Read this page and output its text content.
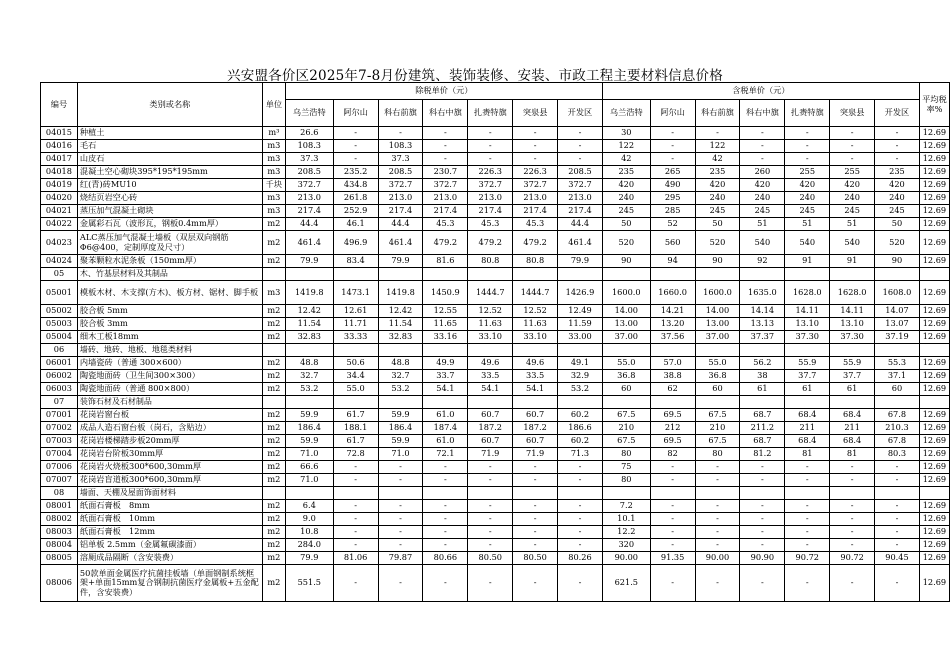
兴安盟各价区2025年7-8月份建筑、装饰装修、安装、市政工程主要材料信息价格
编号	类别或名称	单位	除税单价（元）							含税单价（元）							平均税率%
			乌兰浩特	阿尔山	科右前旗	科右中旗	扎赉特旗	突泉县	开发区	乌兰浩特	阿尔山	科右前旗	科右中旗	扎赉特旗	突泉县	开发区	
04015	种植土	m³	26.6	-	-	-	-	-	-	30	-	-	-	-	-	-	12.69
04016	毛石	m3	108.3	-	108.3	-	-	-	-	122	-	122	-	-	-	-	12.69
04017	山皮石	m3	37.3	-	37.3	-	-	-	-	42	-	42	-	-	-	-	12.69
04018	混凝土空心砌块395*195*195mm	m3	208.5	235.2	208.5	230.7	226.3	226.3	208.5	235	265	235	260	255	255	235	12.69
04019	红(青)砖MU10	千块	372.7	434.8	372.7	372.7	372.7	372.7	372.7	420	490	420	420	420	420	420	12.69
04020	烧结页岩空心砖	m3	213.0	261.8	213.0	213.0	213.0	213.0	213.0	240	295	240	240	240	240	240	12.69
04021	蒸压加气混凝土砌块	m3	217.4	252.9	217.4	217.4	217.4	217.4	217.4	245	285	245	245	245	245	245	12.69
04022	金属彩石瓦（波形瓦，钢板0.4mm厚）	m2	44.4	46.1	44.4	45.3	45.3	45.3	44.4	50	52	50	51	51	51	50	12.69
04023	ALC蒸压加气混凝土墙板（双层双向钢筋Φ6@400，定制厚度及尺寸）	m2	461.4	496.9	461.4	479.2	479.2	479.2	461.4	520	560	520	540	540	540	520	12.69
04024	聚苯颗粒水泥条板（150mm厚）	m2	79.9	83.4	79.9	81.6	80.8	80.8	79.9	90	94	90	92	91	91	90	12.69
05	木、竹基层材料及其制品																
05001	模板木材、木支撑(方木)、板方材、锯材、脚手板	m3	1419.8	1473.1	1419.8	1450.9	1444.7	1444.7	1426.9	1600.0	1660.0	1600.0	1635.0	1628.0	1628.0	1608.0	12.69
05002	胶合板 5mm	m2	12.42	12.61	12.42	12.55	12.52	12.52	12.49	14.00	14.21	14.00	14.14	14.11	14.11	14.07	12.69
05003	胶合板 3mm	m2	11.54	11.71	11.54	11.65	11.63	11.63	11.59	13.00	13.20	13.00	13.13	13.10	13.10	13.07	12.69
05004	细木工板18mm	m2	32.83	33.33	32.83	33.16	33.10	33.10	33.00	37.00	37.56	37.00	37.37	37.30	37.30	37.19	12.69
06	墙砖、地砖、地板、地毯类材料																
06001	内墙瓷砖（普通 300×600）	m2	48.8	50.6	48.8	49.9	49.6	49.6	49.1	55.0	57.0	55.0	56.2	55.9	55.9	55.3	12.69
06002	陶瓷地面砖（卫生间300×300）	m2	32.7	34.4	32.7	33.7	33.5	33.5	32.9	36.8	38.8	36.8	38	37.7	37.7	37.1	12.69
06003	陶瓷地面砖（普通 800×800）	m2	53.2	55.0	53.2	54.1	54.1	54.1	53.2	60	62	60	61	61	61	60	12.69
07	装饰石材及石材制品																
07001	花岗岩窗台板	m2	59.9	61.7	59.9	61.0	60.7	60.7	60.2	67.5	69.5	67.5	68.7	68.4	68.4	67.8	12.69
07002	成品人造石窗台板（岗石，含贴边）	m2	186.4	188.1	186.4	187.4	187.2	187.2	186.6	210	212	210	211.2	211	211	210.3	12.69
07003	花岗岩楼梯踏步板20mm厚	m2	59.9	61.7	59.9	61.0	60.7	60.7	60.2	67.5	69.5	67.5	68.7	68.4	68.4	67.8	12.69
07004	花岗岩台阶板30mm厚	m2	71.0	72.8	71.0	72.1	71.9	71.9	71.3	80	82	80	81.2	81	81	80.3	12.69
07006	花岗岩火烧板300*600,30mm厚	m2	66.6	-	-	-	-	-	-	75	-	-	-	-	-	-	12.69
07007	花岗岩盲道板300*600,30mm厚	m2	71.0	-	-	-	-	-	-	80	-	-	-	-	-	-	12.69
08	墙面、天棚及屋面饰面材料																
08001	纸面石膏板　8mm	m2	6.4	-	-	-	-	-	-	7.2	-	-	-	-	-	-	12.69
08002	纸面石膏板　10mm	m2	9.0	-	-	-	-	-	-	10.1	-	-	-	-	-	-	12.69
08003	纸面石膏板　12mm	m2	10.8	-	-	-	-	-	-	12.2	-	-	-	-	-	-	12.69
08004	铝单板 2.5mm（金属氟碳漆面）	m2	284.0	-	-	-	-	-	-	320	-	-	-	-	-	-	12.69
08005	溶厕成品隔断（含安装费）	m2	79.9	81.06	79.87	80.66	80.50	80.50	80.26	90.00	91.35	90.00	90.90	90.72	90.72	90.45	12.69
08006	50款单面金属医疗抗菌挂板墙（单面钢制系统框架+单面15mm复合钢制抗菌医疗金属板+五金配件，含安装费）	m2	551.5	-	-	-	-	-	-	621.5	-	-	-	-	-	-	12.69
